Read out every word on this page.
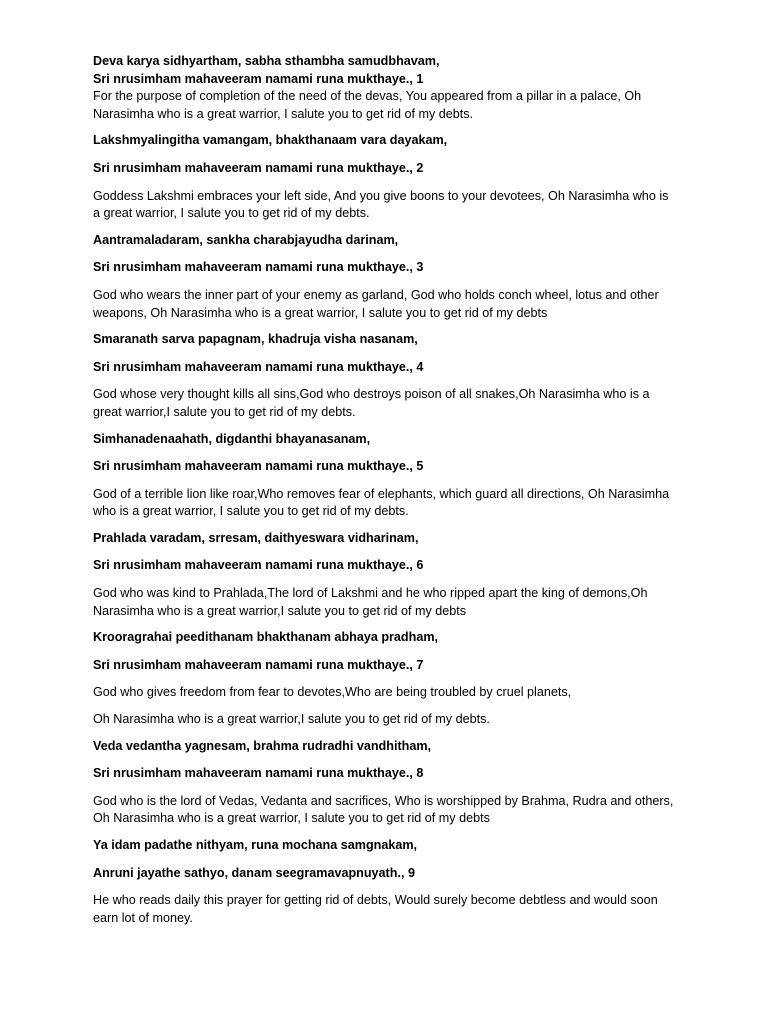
Deva karya sidhyartham, sabha sthambha samudbhavam,

Sri nrusimham mahaveeram namami runa mukthaye., 1

For the purpose of completion of the need of the devas, You appeared from a pillar in a palace, Oh Narasimha who is a great warrior, I salute you to get rid of my debts.

Lakshmyalingitha vamangam, bhakthanaam vara dayakam,

Sri nrusimham mahaveeram namami runa mukthaye., 2

Goddess Lakshmi embraces your left side, And you give boons to your devotees, Oh Narasimha who is a great warrior, I salute you to get rid of my debts.

Aantramaladaram, sankha charabjayudha darinam,

Sri nrusimham mahaveeram namami runa mukthaye., 3

God who wears the inner part of your enemy as garland, God who holds conch wheel, lotus and other weapons, Oh Narasimha who is a great warrior, I salute you to get rid of my debts

Smaranath sarva papagnam, khadruja visha nasanam,

Sri nrusimham mahaveeram namami runa mukthaye., 4

God whose very thought kills all sins,God who destroys poison of all snakes,Oh Narasimha who is a great warrior,I salute you to get rid of my debts.

Simhanadenaahath, digdanthi bhayanasanam,

Sri nrusimham mahaveeram namami runa mukthaye., 5

God of a terrible lion like roar,Who removes fear of elephants, which guard all directions, Oh Narasimha who is a great warrior, I salute you to get rid of my debts.

Prahlada varadam, srresam, daithyeswara vidharinam,

Sri nrusimham mahaveeram namami runa mukthaye., 6

God who was kind to Prahlada,The lord of Lakshmi and he who ripped apart the king of demons,Oh Narasimha who is a great warrior,I salute you to get rid of my debts

Krooragrahai peedithanam bhakthanam abhaya pradham,

Sri nrusimham mahaveeram namami runa mukthaye., 7

God who gives freedom from fear to devotes,Who are being troubled by cruel planets,

Oh Narasimha who is a great warrior,I salute you to get rid of my debts.

Veda vedantha yagnesam, brahma rudradhi vandhitham,

Sri nrusimham mahaveeram namami runa mukthaye., 8

God who is the lord of Vedas, Vedanta and sacrifices, Who is worshipped by Brahma, Rudra and others, Oh Narasimha who is a great warrior, I salute you to get rid of my debts

Ya idam padathe nithyam, runa mochana samgnakam,

Anruni jayathe sathyo, danam seegramavapnuyath., 9

He who reads daily this prayer for getting rid of debts, Would surely become debtless and would soon earn lot of money.
